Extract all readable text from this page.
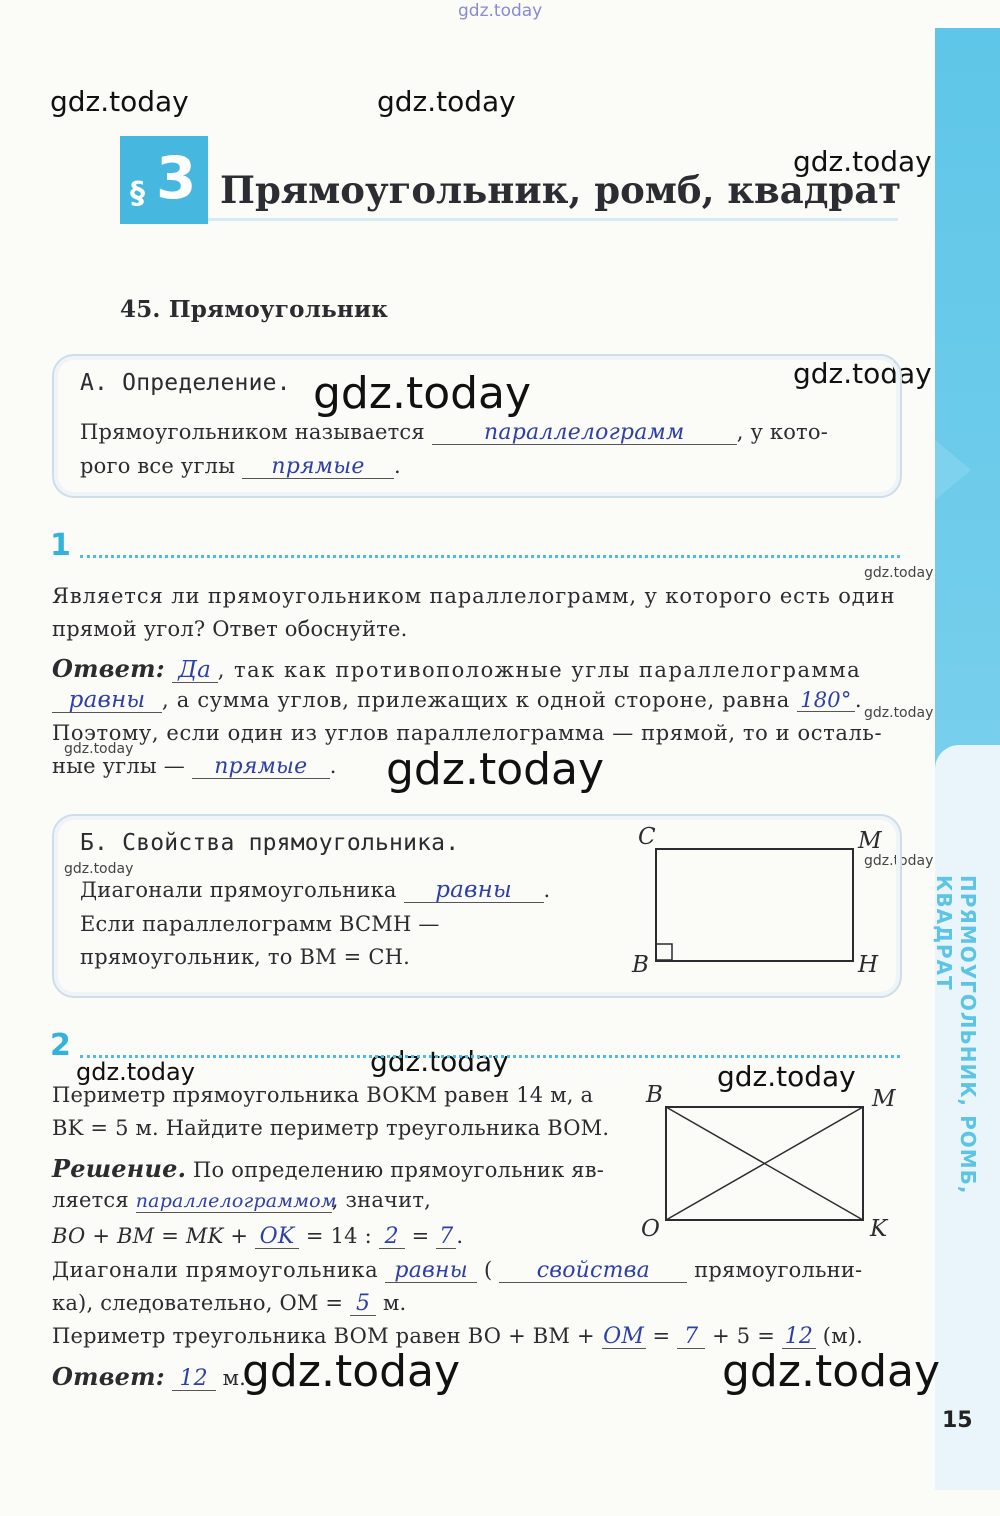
ПРЯМОУГОЛЬНИК, РОМБ, КВАДРАТ
gdz.today
gdz.today	gdz.today
gdz.today
gdz.today
gdz.today
gdz.today
gdz.today
gdz.today	gdz.today
gdz.today
gdz.today
gdz.today
gdz.today	gdz.today
gdz.today	gdz.today
§ 3 Прямоугольник, ромб, квадрат
45. Прямоугольник
А. Определение.
Прямоугольником называется	параллелограмм , у кото-
рого все углы прямые .
1
Является ли прямоугольником параллелограмм, у которого есть один
прямой угол? Ответ обоснуйте.
Ответ: Да , так как противоположные углы параллелограмма
равны , а сумма углов, прилежащих к одной стороне, равна 180° .
Поэтому, если один из углов параллелограмма — прямой, то и осталь-
ные углы — прямые .
Б. Свойства прямоугольника.
Диагонали прямоугольника равны .
Если параллелограмм BCMH —
прямоугольник, то BM = CH.
C	M
B	H
2
Периметр прямоугольника BOKM равен 14 м, а
BK = 5 м. Найдите периметр треугольника BOM.
Решение. По определению прямоугольник яв-
ляется параллелограммом, значит,
BO + BM = MK + OK = 14 : 2 = 7 .
Диагонали прямоугольника равны ( свойства прямоугольни-
ка), следовательно, OM = 5 м.
Периметр треугольника BOM равен BO + BM + OM = 7 + 5 = 12 (м).
Ответ: 12 м.
B	M
O	K
15
